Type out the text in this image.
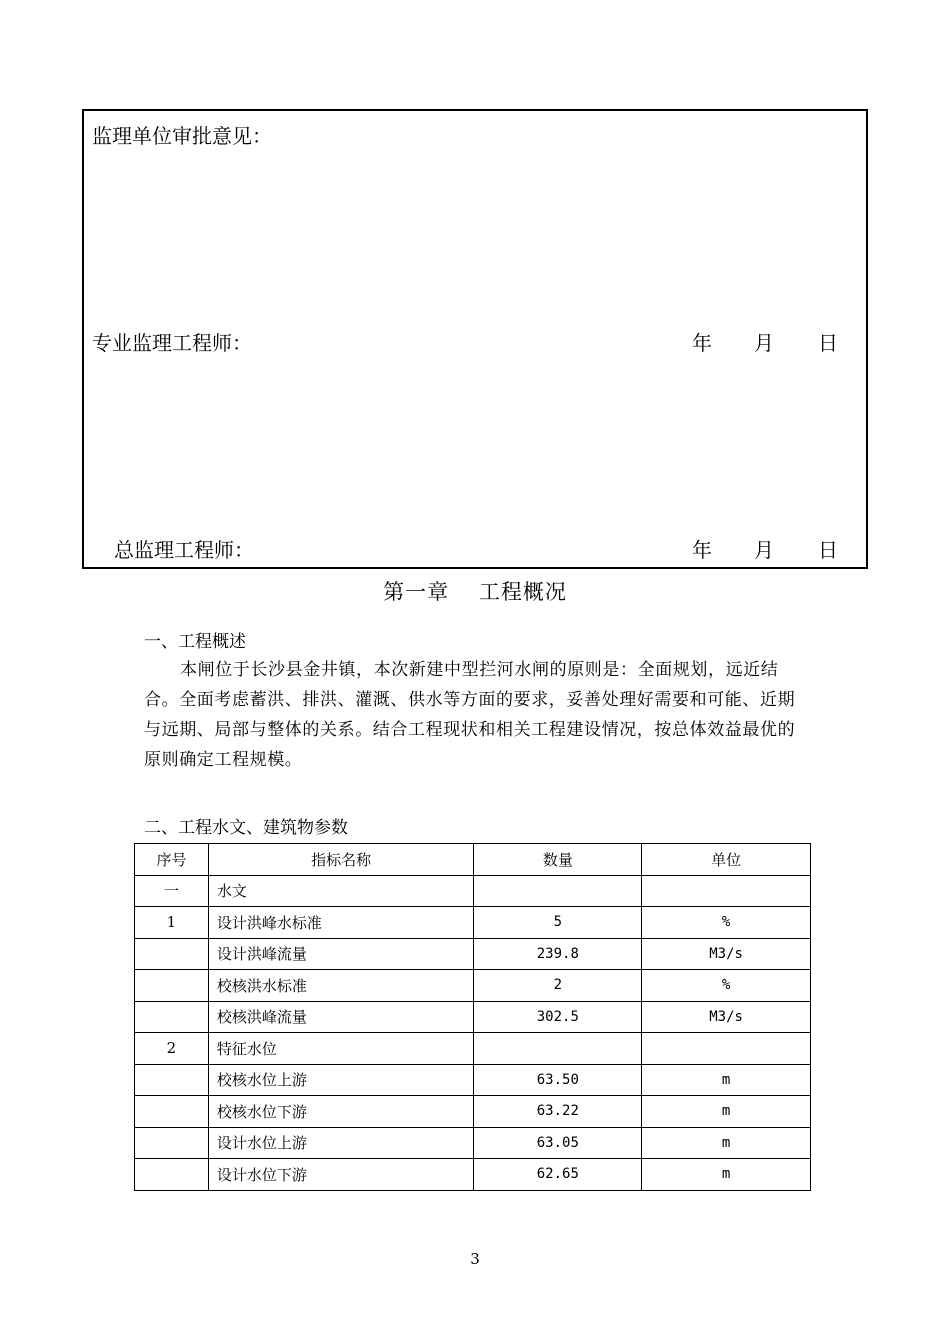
监理单位审批意见：
专业监理工程师：	年	月	日
总监理工程师：	年	月	日
第一章　 工程概况
一、工程概述
本闸位于长沙县金井镇，本次新建中型拦河水闸的原则是：全面规划，远近结合。全面考虑蓄洪、排洪、灌溉、供水等方面的要求，妥善处理好需要和可能、近期与远期、局部与整体的关系。结合工程现状和相关工程建设情况，按总体效益最优的原则确定工程规模。
二、工程水文、建筑物参数
序号	指标名称	数量	单位
一	水文		
1	设计洪峰水标准	5	%
	设计洪峰流量	239.8	M3/s
	校核洪水标准	2	%
	校核洪峰流量	302.5	M3/s
2	特征水位		
	校核水位上游	63.50	m
	校核水位下游	63.22	m
	设计水位上游	63.05	m
	设计水位下游	62.65	m
3
